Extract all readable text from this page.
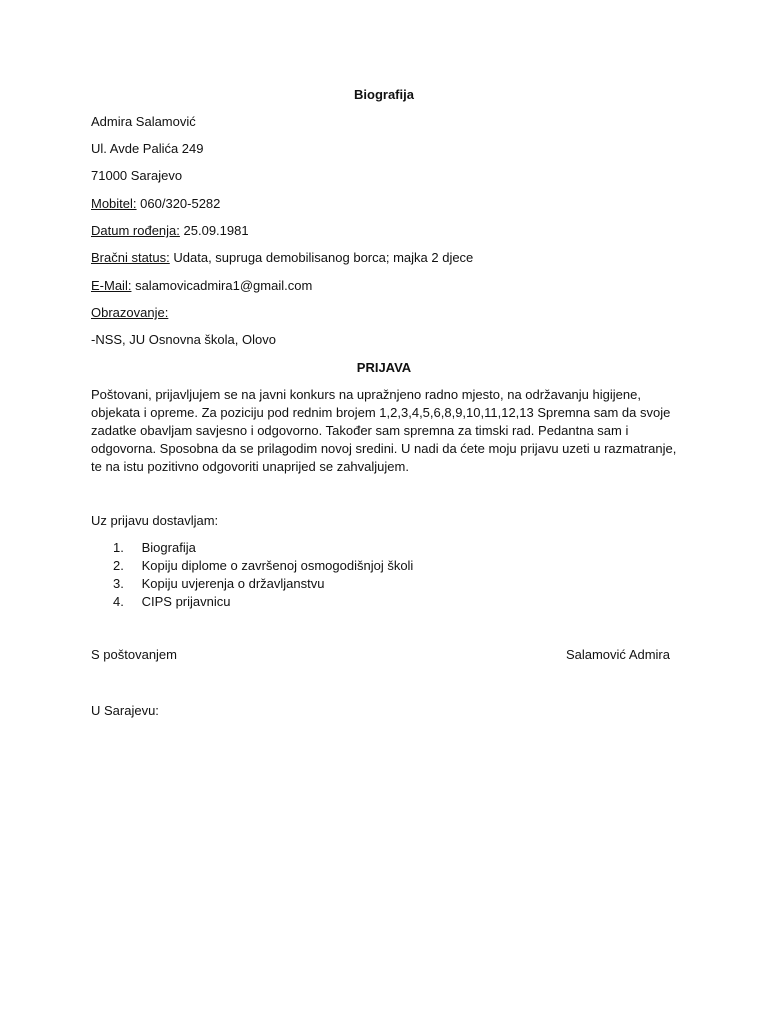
Biografija
Admira Salamović
Ul. Avde Palića 249
71000 Sarajevo
Mobitel: 060/320-5282
Datum rođenja: 25.09.1981
Bračni status: Udata, supruga demobilisanog borca; majka 2 djece
E-Mail: salamovicadmira1@gmail.com
Obrazovanje:
-NSS, JU Osnovna škola, Olovo
PRIJAVA
Poštovani, prijavljujem se na javni konkurs na upražnjeno radno mjesto, na održavanju higijene,
objekata i opreme. Za poziciju pod rednim brojem 1,2,3,4,5,6,8,9,10,11,12,13 Spremna sam da svoje
zadatke obavljam savjesno i odgovorno. Također sam spremna za timski rad. Pedantna sam i
odgovorna. Sposobna da se prilagodim novoj sredini. U nadi da ćete moju prijavu uzeti u razmatranje,
te na istu pozitivno odgovoriti unaprijed se zahvaljujem.
Uz prijavu dostavljam:
1. Biografija
2. Kopiju diplome o završenoj osmogodišnjoj školi
3. Kopiju uvjerenja o državljanstvu
4. CIPS prijavnicu
S poštovanjem	Salamović Admira
U Sarajevu:
